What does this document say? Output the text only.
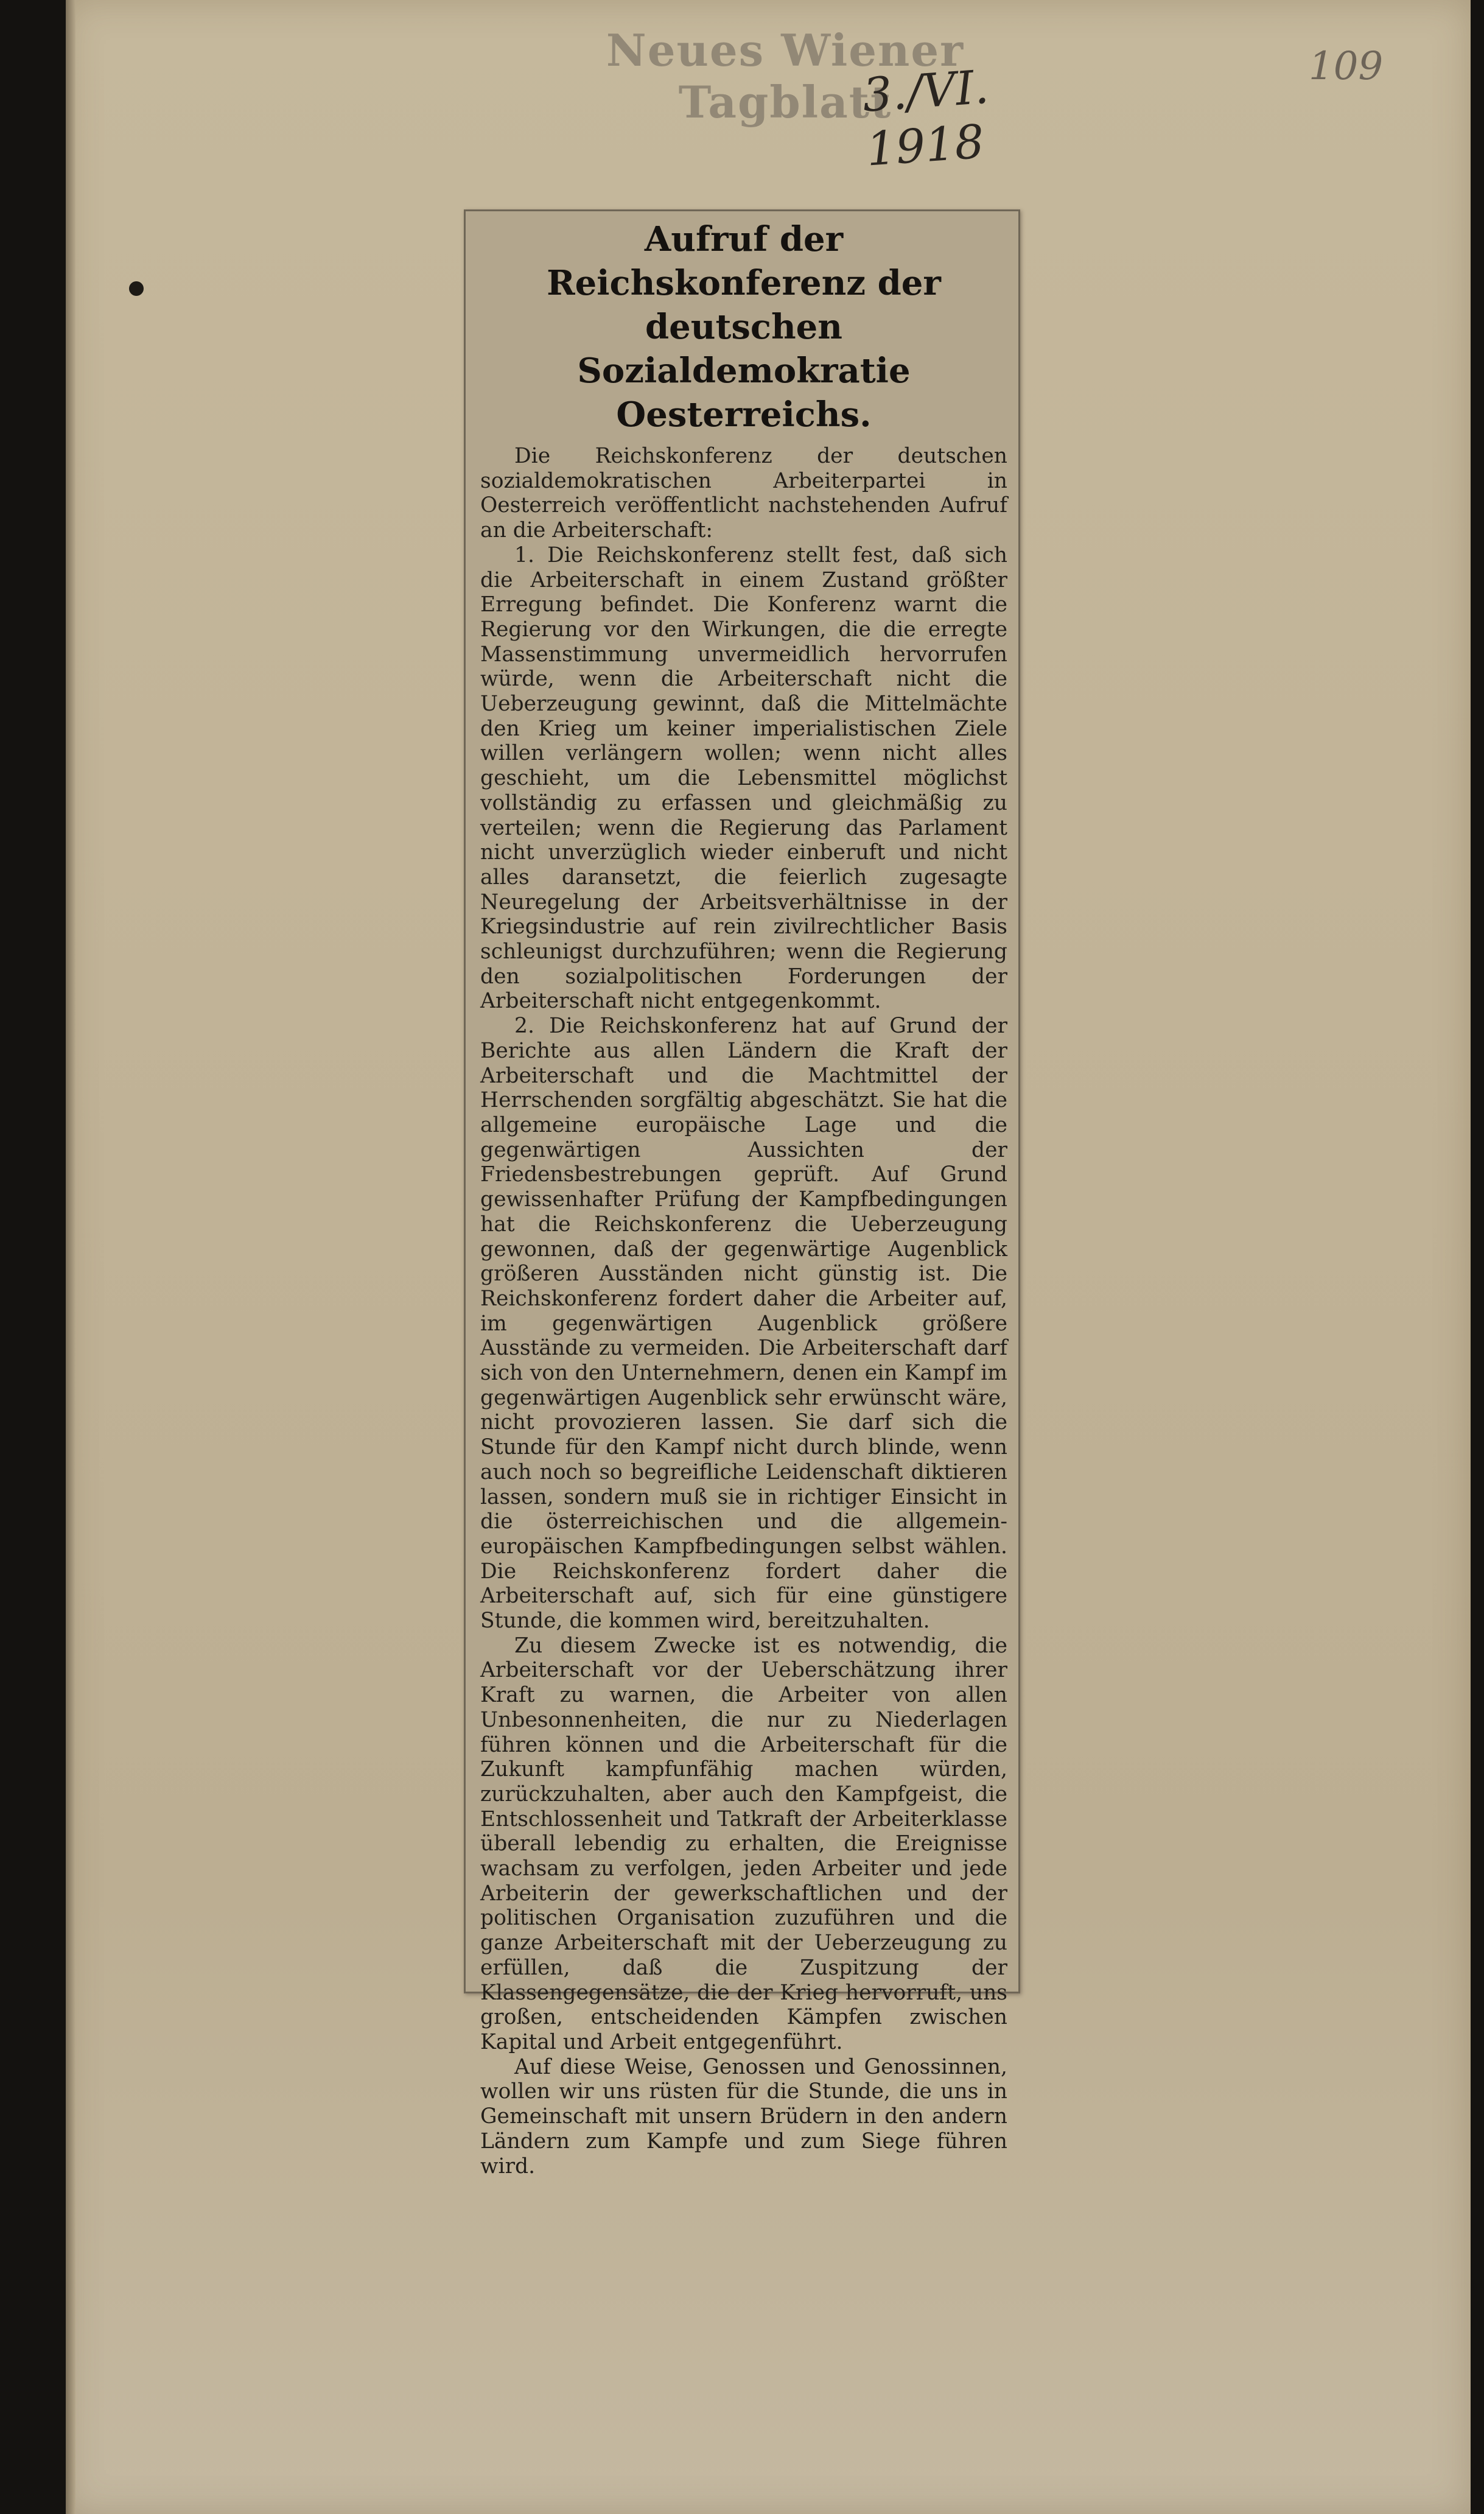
Neues Wiener Tagblatt
3./VI. 1918
109
Aufruf der Reichskonferenz der deutschen Sozialdemokratie Oesterreichs.

Die Reichskonferenz der deutschen sozialdemokratischen Arbeiterpartei in Oesterreich veröffentlicht nachstehenden Aufruf an die Arbeiterschaft:

1. Die Reichskonferenz stellt fest, daß sich die Arbeiterschaft in einem Zustand größter Erregung befindet. Die Konferenz warnt die Regierung vor den Wirkungen, die die erregte Massenstimmung unvermeidlich hervorrufen würde, wenn die Arbeiterschaft nicht die Ueberzeugung gewinnt, daß die Mittelmächte den Krieg um keiner imperialistischen Ziele willen verlängern wollen; wenn nicht alles geschieht, um die Lebensmittel möglichst vollständig zu erfassen und gleichmäßig zu verteilen; wenn die Regierung das Parlament nicht unverzüglich wieder einberuft und nicht alles daransetzt, die feierlich zugesagte Neuregelung der Arbeitsverhältnisse in der Kriegsindustrie auf rein zivilrechtlicher Basis schleunigst durchzuführen; wenn die Regierung den sozialpolitischen Forderungen der Arbeiterschaft nicht entgegenkommt.

2. Die Reichskonferenz hat auf Grund der Berichte aus allen Ländern die Kraft der Arbeiterschaft und die Machtmittel der Herrschenden sorgfältig abgeschätzt. Sie hat die allgemeine europäische Lage und die gegenwärtigen Aussichten der Friedensbestrebungen geprüft. Auf Grund gewissenhafter Prüfung der Kampfbedingungen hat die Reichskonferenz die Ueberzeugung gewonnen, daß der gegenwärtige Augenblick größeren Ausständen nicht günstig ist. Die Reichskonferenz fordert daher die Arbeiter auf, im gegenwärtigen Augenblick größere Ausstände zu vermeiden. Die Arbeiterschaft darf sich von den Unternehmern, denen ein Kampf im gegenwärtigen Augenblick sehr erwünscht wäre, nicht provozieren lassen. Sie darf sich die Stunde für den Kampf nicht durch blinde, wenn auch noch so begreifliche Leidenschaft diktieren lassen, sondern muß sie in richtiger Einsicht in die österreichischen und die allgemein-europäischen Kampfbedingungen selbst wählen. Die Reichskonferenz fordert daher die Arbeiterschaft auf, sich für eine günstigere Stunde, die kommen wird, bereitzuhalten.

Zu diesem Zwecke ist es notwendig, die Arbeiterschaft vor der Ueberschätzung ihrer Kraft zu warnen, die Arbeiter von allen Unbesonnenheiten, die nur zu Niederlagen führen können und die Arbeiterschaft für die Zukunft kampfunfähig machen würden, zurückzuhalten, aber auch den Kampfgeist, die Entschlossenheit und Tatkraft der Arbeiterklasse überall lebendig zu erhalten, die Ereignisse wachsam zu verfolgen, jeden Arbeiter und jede Arbeiterin der gewerkschaftlichen und der politischen Organisation zuzuführen und die ganze Arbeiterschaft mit der Ueberzeugung zu erfüllen, daß die Zuspitzung der Klassengegensätze, die der Krieg hervorruft, uns großen, entscheidenden Kämpfen zwischen Kapital und Arbeit entgegenführt.

Auf diese Weise, Genossen und Genossinnen, wollen wir uns rüsten für die Stunde, die uns in Gemeinschaft mit unsern Brüdern in den andern Ländern zum Kampfe und zum Siege führen wird.
